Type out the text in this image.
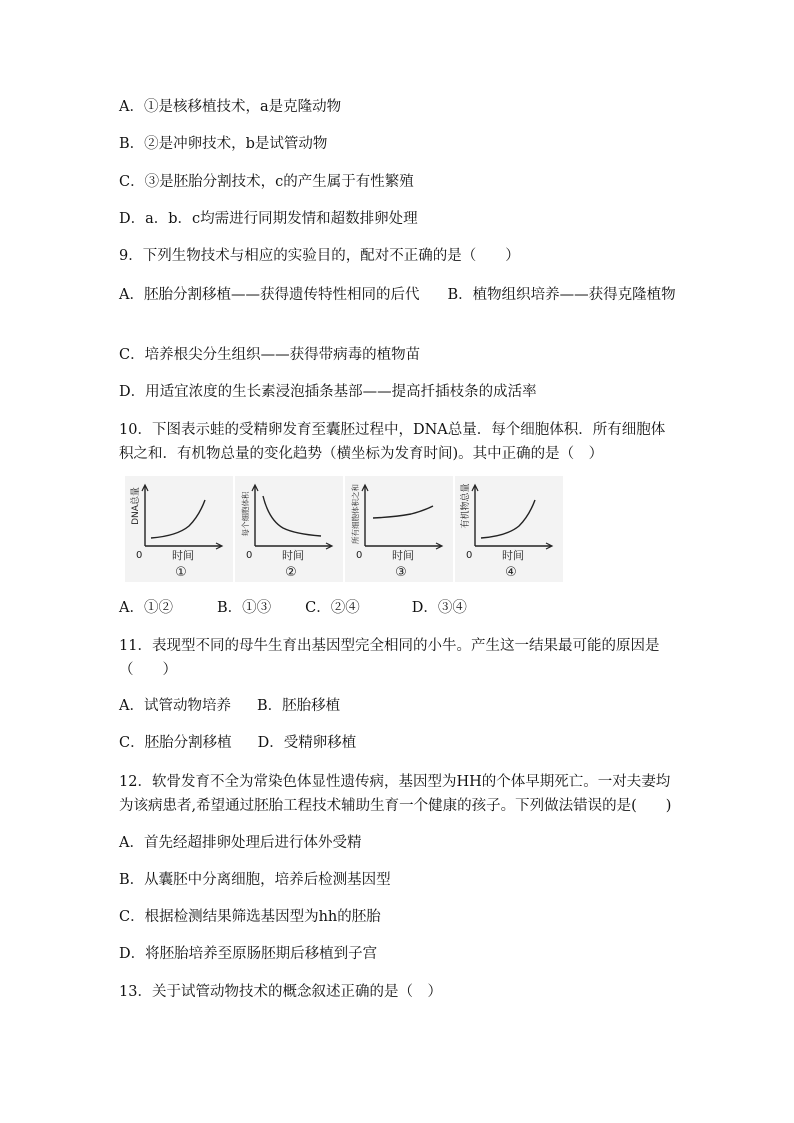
A．①是核移植技术，a是克隆动物
B．②是冲卵技术，b是试管动物
C．③是胚胎分割技术，c的产生属于有性繁殖
D．a．b．c均需进行同期发情和超数排卵处理
9．下列生物技术与相应的实验目的，配对不正确的是（　　）
A．胚胎分割移植——获得遗传特性相同的后代 B．植物组织培养——获得克隆植物
C．培养根尖分生组织——获得带病毒的植物苗
D．用适宜浓度的生长素浸泡插条基部——提高扦插枝条的成活率
10．下图表示蛙的受精卵发育至囊胚过程中，DNA总量．每个细胞体积．所有细胞体积之和．有机物总量的变化趋势（横坐标为发育时间)。其中正确的是（　）
DNA总量
0	时间
①
每个细胞体积
0	时间
②
所有细胞体积之和
0	时间
③
有机物总量
0	时间
④
A．①②	B．①③ C．②④	D．③④
11．表现型不同的母牛生育出基因型完全相同的小牛。产生这一结果最可能的原因是（　　）
A．试管动物培养 B．胚胎移植
C．胚胎分割移植 D．受精卵移植
12．软骨发育不全为常染色体显性遗传病，基因型为HH的个体早期死亡。一对夫妻均为该病患者,希望通过胚胎工程技术辅助生育一个健康的孩子。下列做法错误的是(　　)
A．首先经超排卵处理后进行体外受精
B．从囊胚中分离细胞，培养后检测基因型
C．根据检测结果筛选基因型为hh的胚胎
D．将胚胎培养至原肠胚期后移植到子宫
13．关于试管动物技术的概念叙述正确的是（　）
